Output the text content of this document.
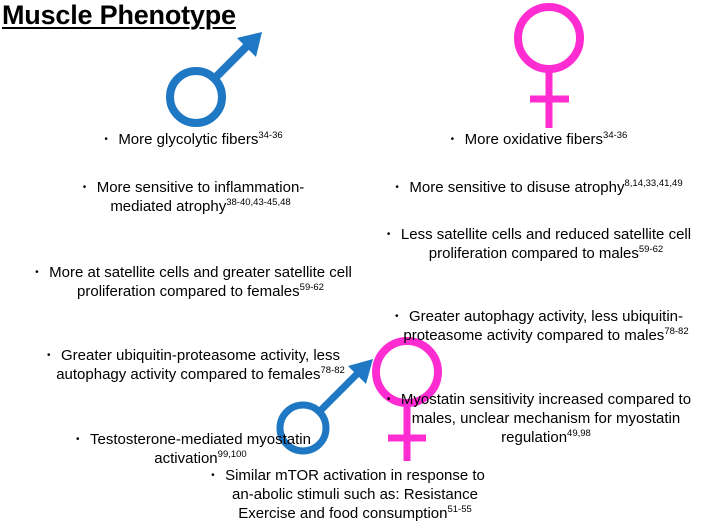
Muscle Phenotype
• More glycolytic fibers$^{34-36}$
• More sensitive to inflammation-mediated atrophy$^{38-40,43-45,48}$
• More at satellite cells and greater satellite cell proliferation compared to females$^{59-62}$
• Greater ubiquitin-proteasome activity, less autophagy activity compared to females$^{78-82}$
• Testosterone-mediated myostatin activation$^{99,100}$
• More oxidative fibers$^{34-36}$
• More sensitive to disuse atrophy$^{8,14,33,41,49}$
• Less satellite cells and reduced satellite cell proliferation compared to males$^{59-62}$
• Greater autophagy activity, less ubiquitin-proteasome activity compared to males$^{78-82}$
• Myostatin sensitivity increased compared to males, unclear mechanism for myostatin regulation$^{49,98}$
• Similar mTOR activation in response to an-abolic stimuli such as: Resistance Exercise and food consumption$^{51-55}$
